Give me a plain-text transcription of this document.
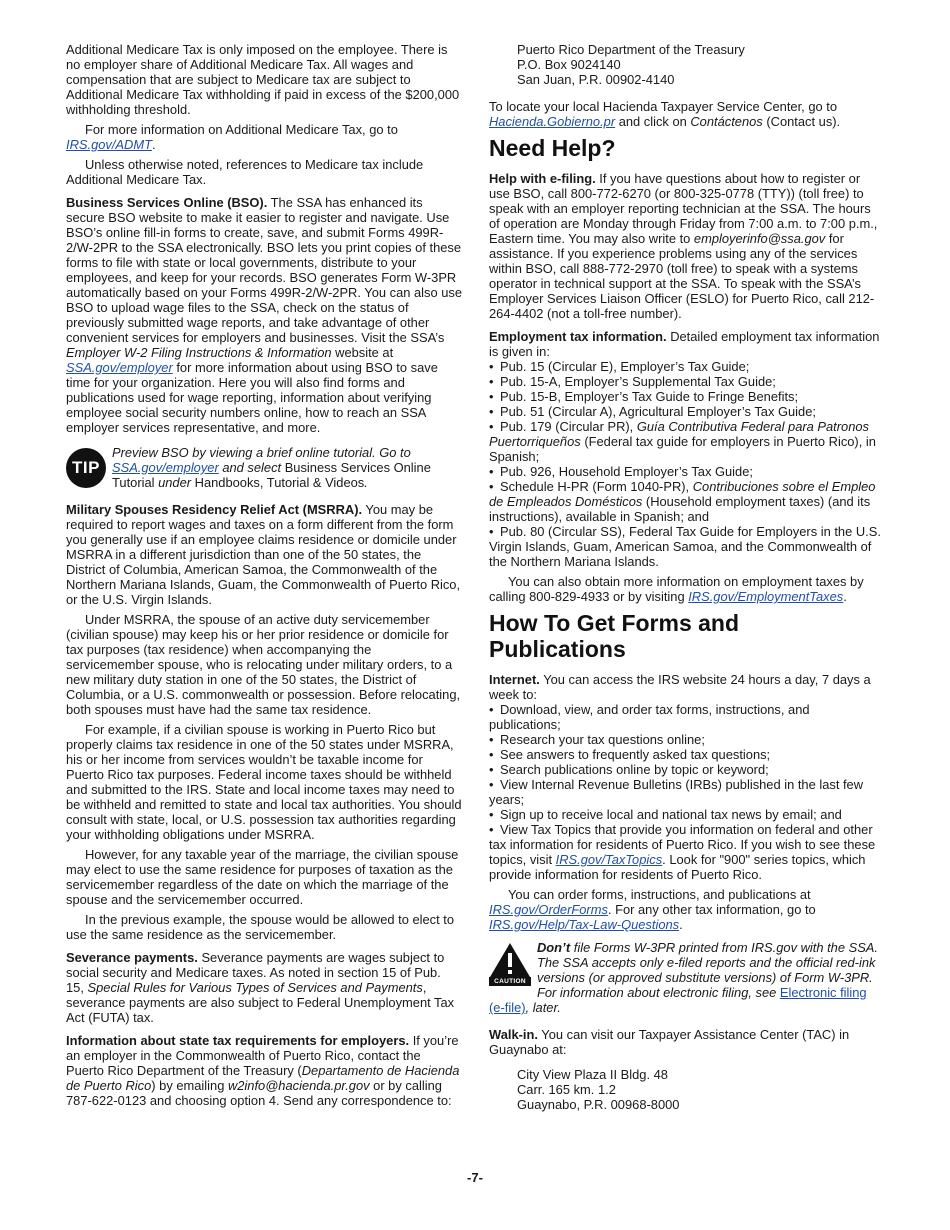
Additional Medicare Tax is only imposed on the employee. There is no employer share of Additional Medicare Tax. All wages and compensation that are subject to Medicare tax are subject to Additional Medicare Tax withholding if paid in excess of the $200,000 withholding threshold.

For more information on Additional Medicare Tax, go to IRS.gov/ADMT.

Unless otherwise noted, references to Medicare tax include Additional Medicare Tax.

Business Services Online (BSO). The SSA has enhanced its secure BSO website to make it easier to register and navigate. Use BSO’s online fill-in forms to create, save, and submit Forms 499R-2/W-2PR to the SSA electronically. BSO lets you print copies of these forms to file with state or local governments, distribute to your employees, and keep for your records. BSO generates Form W-3PR automatically based on your Forms 499R-2/W-2PR. You can also use BSO to upload wage files to the SSA, check on the status of previously submitted wage reports, and take advantage of other convenient services for employers and businesses. Visit the SSA’s Employer W-2 Filing Instructions & Information website at SSA.gov/employer for more information about using BSO to save time for your organization. Here you will also find forms and publications used for wage reporting, information about verifying employee social security numbers online, how to reach an SSA employer services representative, and more.

TIP
Preview BSO by viewing a brief online tutorial. Go to SSA.gov/employer and select Business Services Online Tutorial under Handbooks, Tutorial & Videos.

Military Spouses Residency Relief Act (MSRRA). You may be required to report wages and taxes on a form different from the form you generally use if an employee claims residence or domicile under MSRRA in a different jurisdiction than one of the 50 states, the District of Columbia, American Samoa, the Commonwealth of the Northern Mariana Islands, Guam, the Commonwealth of Puerto Rico, or the U.S. Virgin Islands.

Under MSRRA, the spouse of an active duty servicemember (civilian spouse) may keep his or her prior residence or domicile for tax purposes (tax residence) when accompanying the servicemember spouse, who is relocating under military orders, to a new military duty station in one of the 50 states, the District of Columbia, or a U.S. commonwealth or possession. Before relocating, both spouses must have had the same tax residence.

For example, if a civilian spouse is working in Puerto Rico but properly claims tax residence in one of the 50 states under MSRRA, his or her income from services wouldn’t be taxable income for Puerto Rico tax purposes. Federal income taxes should be withheld and submitted to the IRS. State and local income taxes may need to be withheld and remitted to state and local tax authorities. You should consult with state, local, or U.S. possession tax authorities regarding your withholding obligations under MSRRA.

However, for any taxable year of the marriage, the civilian spouse may elect to use the same residence for purposes of taxation as the servicemember regardless of the date on which the marriage of the spouse and the servicemember occurred.

In the previous example, the spouse would be allowed to elect to use the same residence as the servicemember.

Severance payments. Severance payments are wages subject to social security and Medicare taxes. As noted in section 15 of Pub. 15, Special Rules for Various Types of Services and Payments, severance payments are also subject to Federal Unemployment Tax Act (FUTA) tax.

Information about state tax requirements for employers. If you’re an employer in the Commonwealth of Puerto Rico, contact the Puerto Rico Department of the Treasury (Departamento de Hacienda de Puerto Rico) by emailing w2info@hacienda.pr.gov or by calling 787-622-0123 and choosing option 4. Send any correspondence to:

Puerto Rico Department of the Treasury
P.O. Box 9024140
San Juan, P.R. 00902-4140

To locate your local Hacienda Taxpayer Service Center, go to Hacienda.Gobierno.pr and click on Contáctenos (Contact us).

Need Help?

Help with e-filing. If you have questions about how to register or use BSO, call 800-772-6270 (or 800-325-0778 (TTY)) (toll free) to speak with an employer reporting technician at the SSA. The hours of operation are Monday through Friday from 7:00 a.m. to 7:00 p.m., Eastern time. You may also write to employerinfo@ssa.gov for assistance. If you experience problems using any of the services within BSO, call 888-772-2970 (toll free) to speak with a systems operator in technical support at the SSA. To speak with the SSA’s Employer Services Liaison Officer (ESLO) for Puerto Rico, call 212-264-4402 (not a toll-free number).

Employment tax information. Detailed employment tax information is given in:

• Pub. 15 (Circular E), Employer’s Tax Guide;

• Pub. 15-A, Employer’s Supplemental Tax Guide;

• Pub. 15-B, Employer’s Tax Guide to Fringe Benefits;

• Pub. 51 (Circular A), Agricultural Employer’s Tax Guide;

• Pub. 179 (Circular PR), Guía Contributiva Federal para Patronos Puertorriqueños (Federal tax guide for employers in Puerto Rico), in Spanish;

• Pub. 926, Household Employer’s Tax Guide;

• Schedule H-PR (Form 1040-PR), Contribuciones sobre el Empleo de Empleados Domésticos (Household employment taxes) (and its instructions), available in Spanish; and

• Pub. 80 (Circular SS), Federal Tax Guide for Employers in the U.S. Virgin Islands, Guam, American Samoa, and the Commonwealth of the Northern Mariana Islands.

You can also obtain more information on employment taxes by calling 800-829-4933 or by visiting IRS.gov/EmploymentTaxes.

How To Get Forms and Publications

Internet. You can access the IRS website 24 hours a day, 7 days a week to:

• Download, view, and order tax forms, instructions, and publications;

• Research your tax questions online;

• See answers to frequently asked tax questions;

• Search publications online by topic or keyword;

• View Internal Revenue Bulletins (IRBs) published in the last few years;

• Sign up to receive local and national tax news by email; and

• View Tax Topics that provide you information on federal and other tax information for residents of Puerto Rico. If you wish to see these topics, visit IRS.gov/TaxTopics. Look for "900" series topics, which provide information for residents of Puerto Rico.

You can order forms, instructions, and publications at IRS.gov/OrderForms. For any other tax information, go to IRS.gov/Help/Tax-Law-Questions.

CAUTION
Don’t file Forms W-3PR printed from IRS.gov with the SSA. The SSA accepts only e-filed reports and the official red-ink versions (or approved substitute versions) of Form W-3PR. For information about electronic filing, see Electronic filing (e-file), later.

Walk-in. You can visit our Taxpayer Assistance Center (TAC) in Guaynabo at:

City View Plaza II Bldg. 48
Carr. 165 km. 1.2
Guaynabo, P.R. 00968-8000
-7-
